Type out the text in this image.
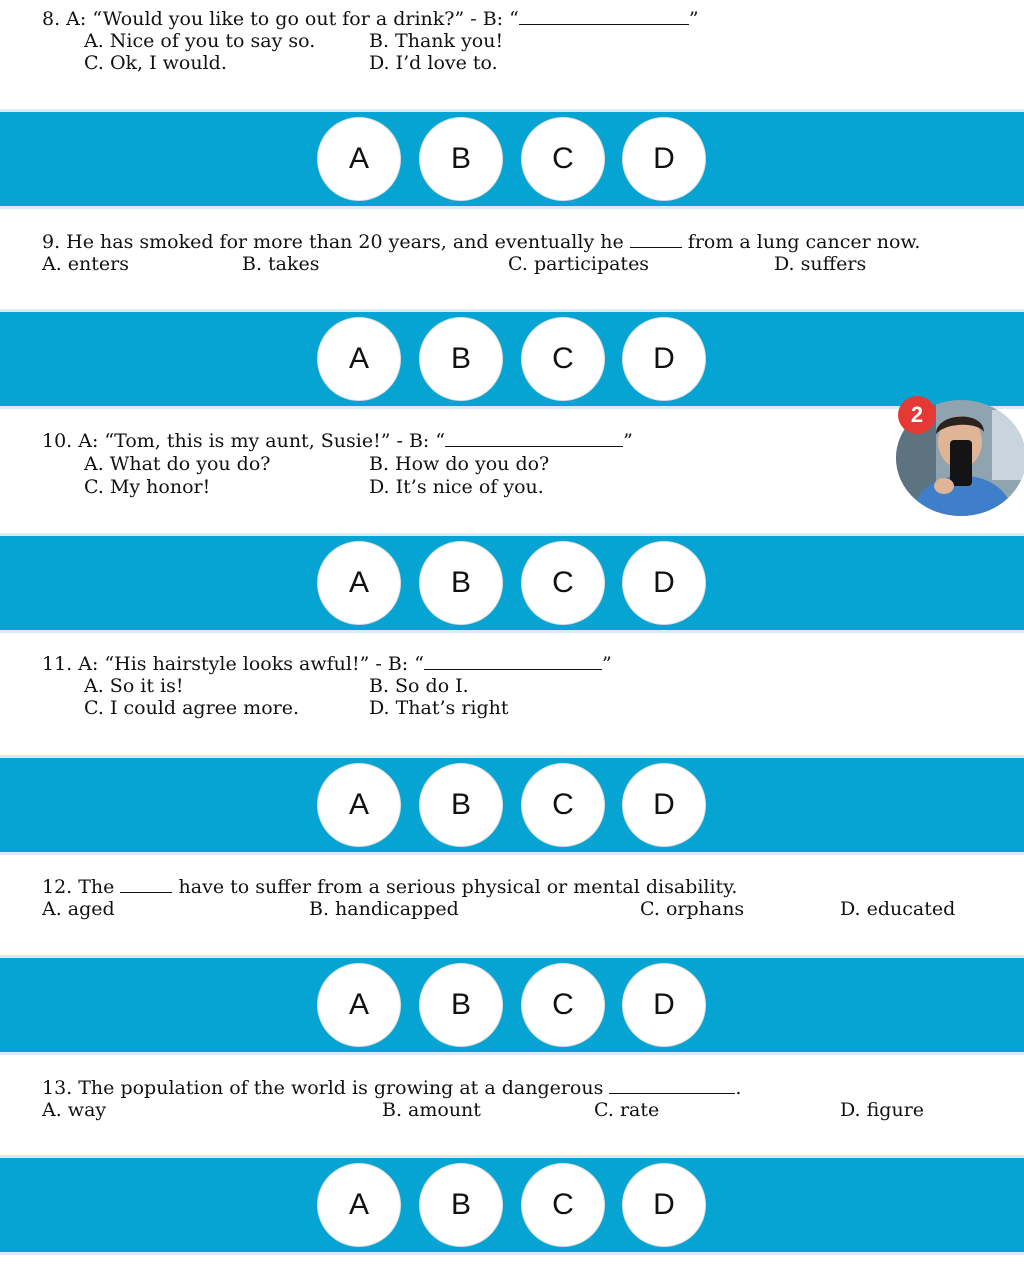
8. A: “Would you like to go out for a drink?” - B: “	”
A. Nice of you to say so.	B. Thank you!
C. Ok, I would.	D. I’d love to.
A	B	C	D
9. He has smoked for more than 20 years, and eventually he	from a lung cancer now.
A. enters	B. takes	C. participates	D. suffers
A	B	C	D
10. A: “Tom, this is my aunt, Susie!” - B: “	”
A. What do you do?	B. How do you do?
C. My honor!	D. It’s nice of you.
A	B	C	D
11. A: “His hairstyle looks awful!” - B: “	”
A. So it is!	B. So do I.
C. I could agree more.	D. That’s right
A	B	C	D
12. The	have to suffer from a serious physical or mental disability.
A. aged	B. handicapped	C. orphans	D. educated
A	B	C	D
13. The population of the world is growing at a dangerous	.
A. way	B. amount	C. rate	D. figure
A	B	C	D
2
